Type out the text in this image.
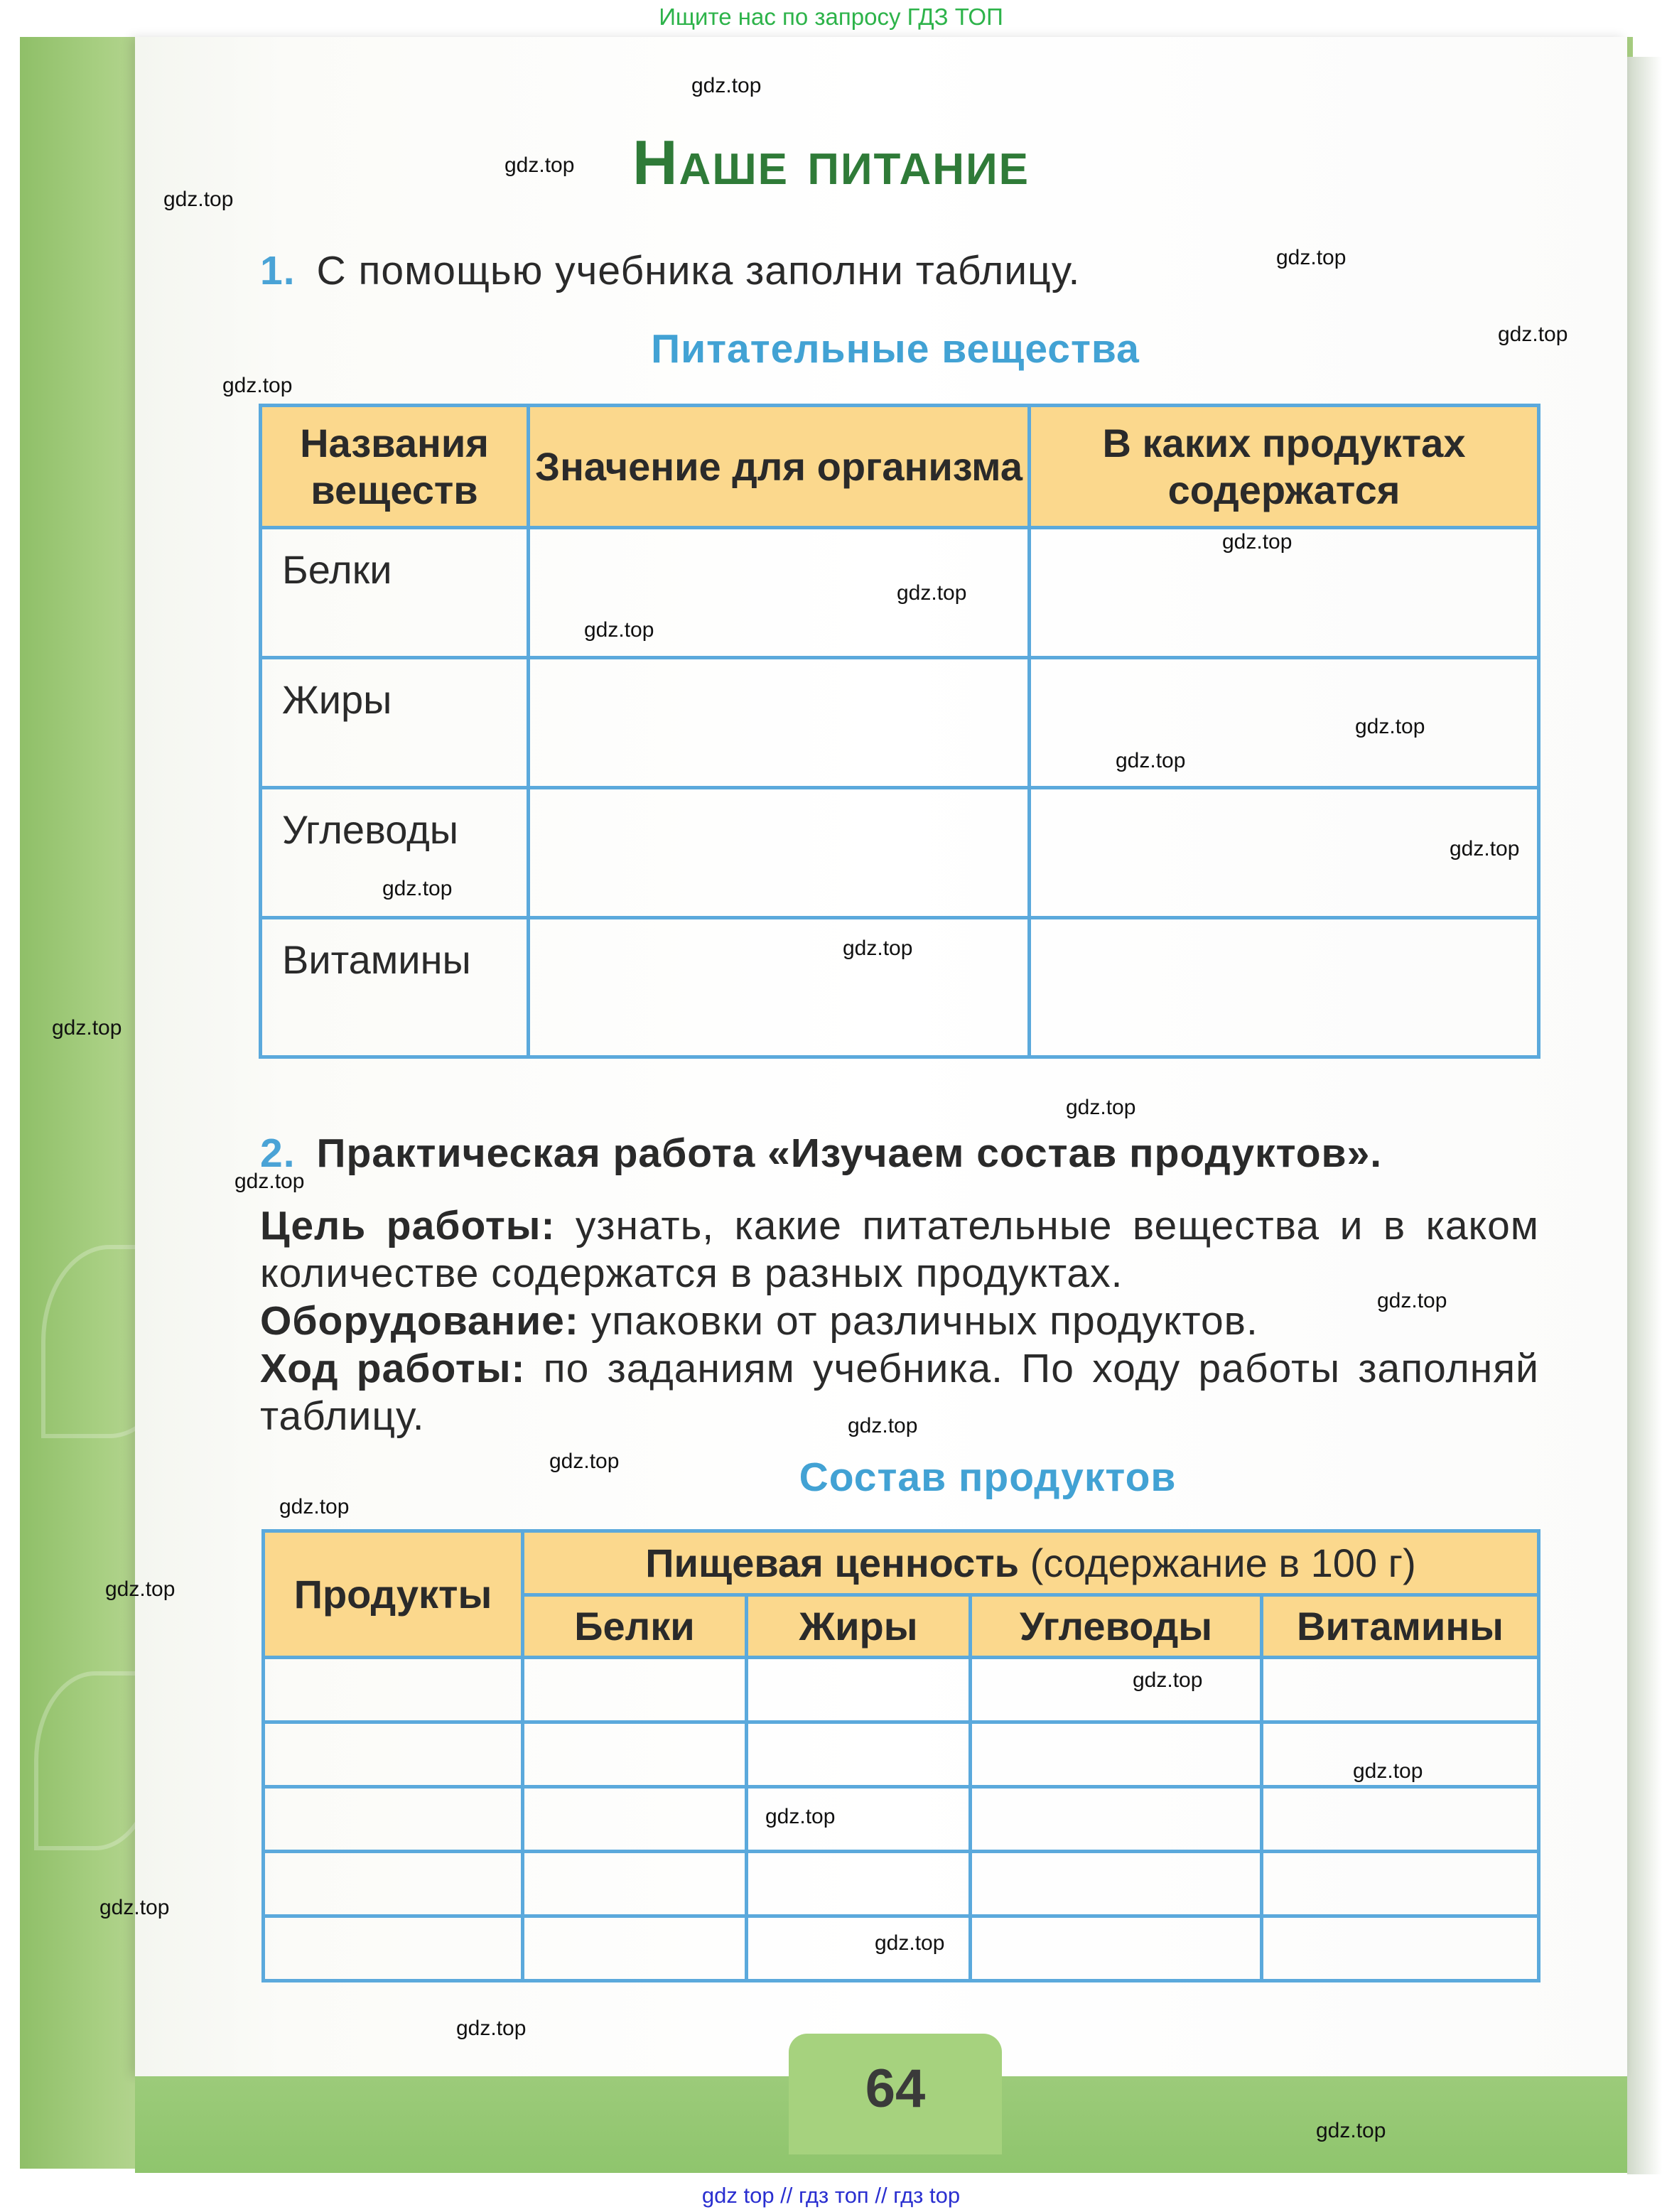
Ищите нас по запросу ГДЗ ТОП
64
Наше питание
1. С помощью учебника заполни таблицу.
Питательные вещества
Названия веществ	Значение для организма	В каких продуктах содержатся
Белки		
Жиры		
Углеводы		
Витамины		
2. Практическая работа «Изучаем состав продуктов».
Цель работы: узнать, какие питательные вещества и в каком количестве содержатся в разных продуктах.
Оборудование: упаковки от различных продуктов.
Ход работы: по заданиям учебника. По ходу работы заполняй таблицу.
Состав продуктов
Продукты	Пищевая ценность (содержание в 100 г)			
	Белки	Жиры	Углеводы	Витамины

gdz.top
gdz.top
gdz.top
gdz.top
gdz.top
gdz.top
gdz.top
gdz.top
gdz.top
gdz.top
gdz.top
gdz.top
gdz.top
gdz.top
gdz.top
gdz.top
gdz.top
gdz.top
gdz.top
gdz.top
gdz.top
gdz.top
gdz.top
gdz.top
gdz.top
gdz.top
gdz.top
gdz.top
gdz.top
gdz top // гдз топ // гдз top
